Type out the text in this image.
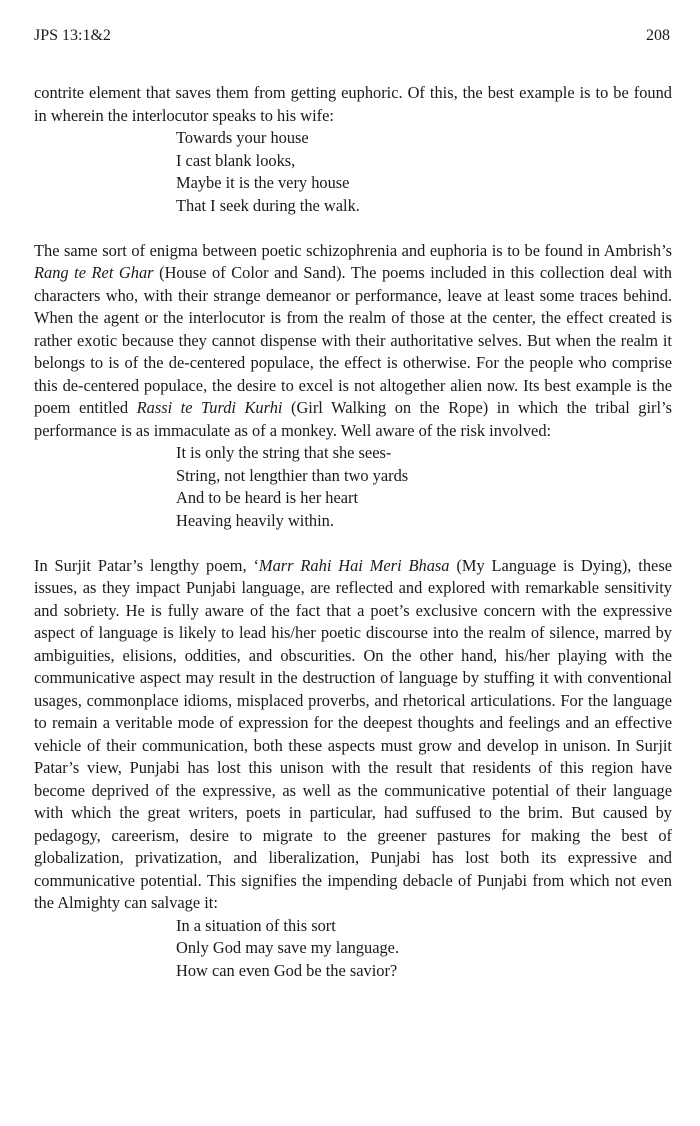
JPS 13:1&2	208

contrite element that saves them from getting euphoric. Of this, the best example is to be found in wherein the interlocutor speaks to his wife:

Towards your house
I cast blank looks,
Maybe it is the very house
That I seek during the walk.

The same sort of enigma between poetic schizophrenia and euphoria is to be found in Ambrish’s Rang te Ret Ghar (House of Color and Sand). The poems included in this collection deal with characters who, with their strange demeanor or performance, leave at least some traces behind. When the agent or the interlocutor is from the realm of those at the center, the effect created is rather exotic because they cannot dispense with their authoritative selves. But when the realm it belongs to is of the de-centered populace, the effect is otherwise. For the people who comprise this de-centered populace, the desire to excel is not altogether alien now. Its best example is the poem entitled Rassi te Turdi Kurhi (Girl Walking on the Rope) in which the tribal girl’s performance is as immaculate as of a monkey. Well aware of the risk involved:

It is only the string that she sees-
String, not lengthier than two yards
And to be heard is her heart
Heaving heavily within.

In Surjit Patar’s lengthy poem, ‘Marr Rahi Hai Meri Bhasa (My Language is Dying), these issues, as they impact Punjabi language, are reflected and explored with remarkable sensitivity and sobriety. He is fully aware of the fact that a poet’s exclusive concern with the expressive aspect of language is likely to lead his/her poetic discourse into the realm of silence, marred by ambiguities, elisions, oddities, and obscurities. On the other hand, his/her playing with the communicative aspect may result in the destruction of language by stuffing it with conventional usages, commonplace idioms, misplaced proverbs, and rhetorical articulations. For the language to remain a veritable mode of expression for the deepest thoughts and feelings and an effective vehicle of their communication, both these aspects must grow and develop in unison. In Surjit Patar’s view, Punjabi has lost this unison with the result that residents of this region have become deprived of the expressive, as well as the communicative potential of their language with which the great writers, poets in particular, had suffused to the brim. But caused by pedagogy, careerism, desire to migrate to the greener pastures for making the best of globalization, privatization, and liberalization, Punjabi has lost both its expressive and communicative potential. This signifies the impending debacle of Punjabi from which not even the Almighty can salvage it:

In a situation of this sort
Only God may save my language.
How can even God be the savior?
